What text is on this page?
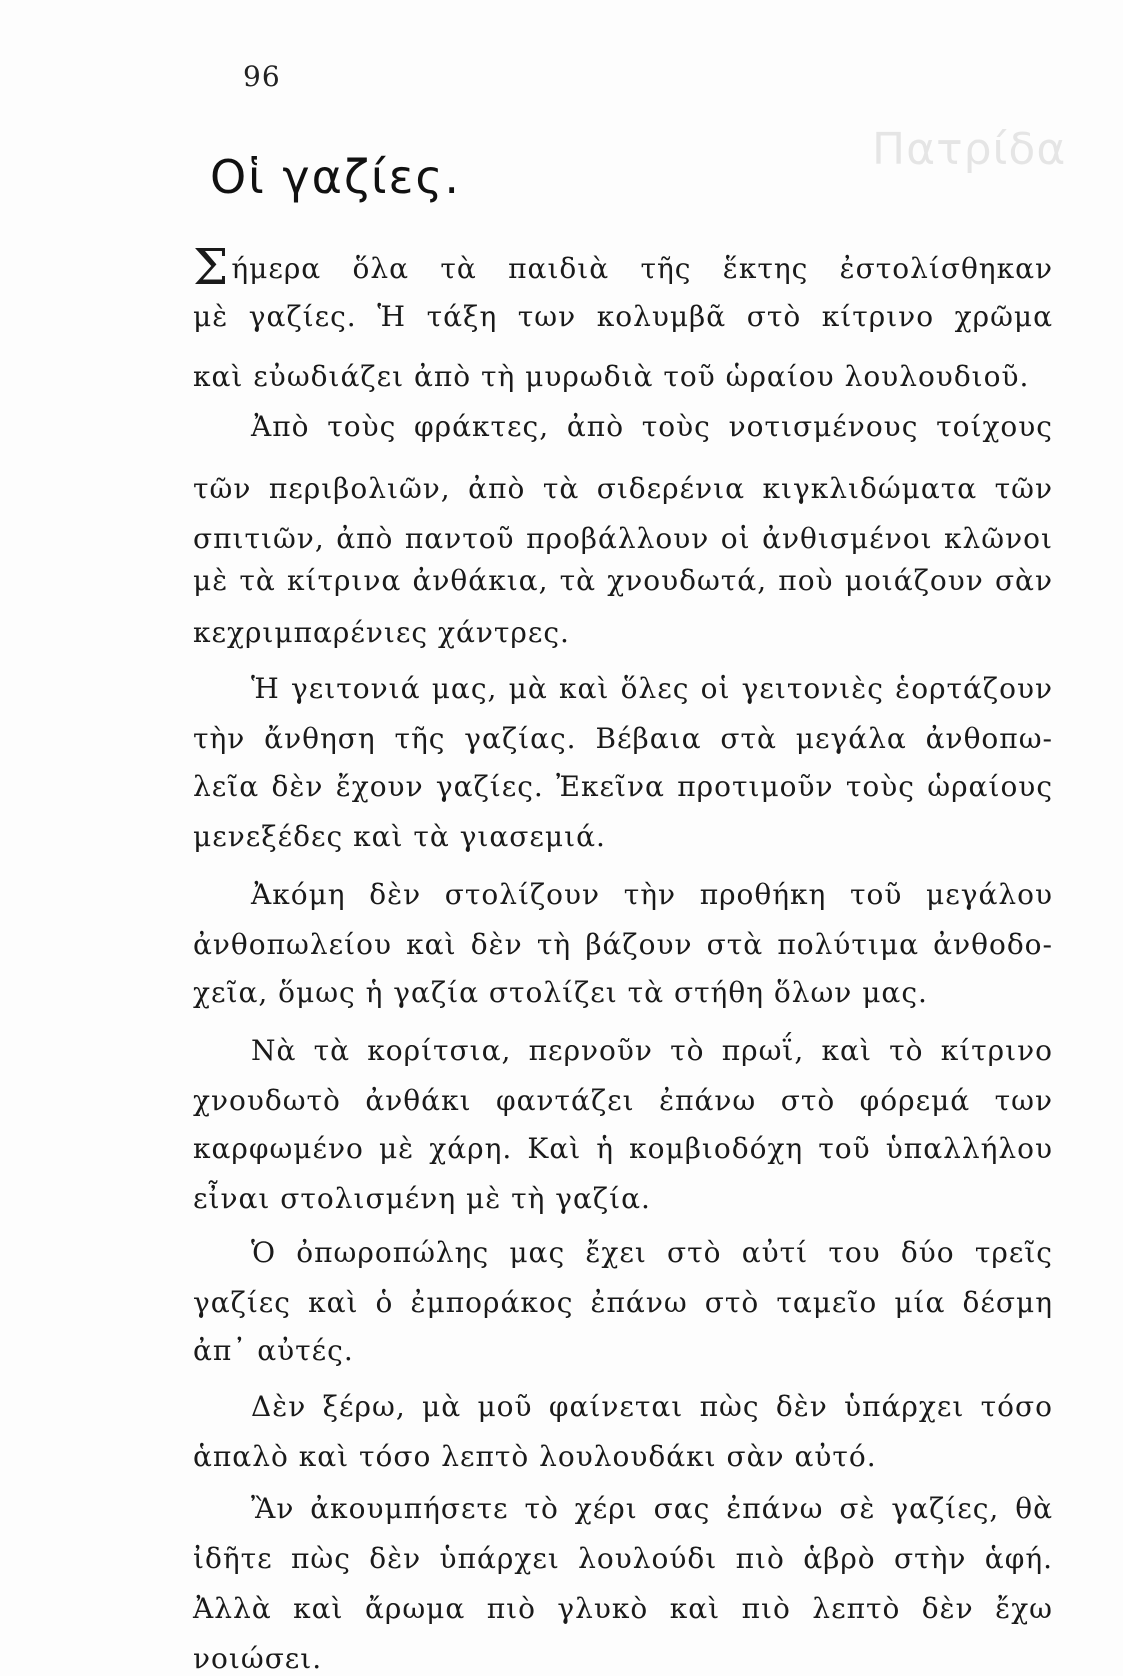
Πατρίδα
96
Οἱ γαζίες.
Σήμερα ὅλα τὰ παιδιὰ τῆς ἕκτης ἐστολίσθηκαν
μὲ γαζίες. Ἡ τάξη των κολυμβᾶ στὸ κίτρινο χρῶμα
καὶ εὐωδιάζει ἀπὸ τὴ μυρωδιὰ τοῦ ὡραίου λουλουδιοῦ.
Ἀπὸ τοὺς φράκτες, ἀπὸ τοὺς νοτισμένους τοίχους
τῶν περιβολιῶν, ἀπὸ τὰ σιδερένια κιγκλιδώματα τῶν
σπιτιῶν, ἀπὸ παντοῦ προβάλλουν οἱ ἀνθισμένοι κλῶνοι
μὲ τὰ κίτρινα ἀνθάκια, τὰ χνουδωτά, ποὺ μοιάζουν σὰν
κεχριμπαρένιες χάντρες.
Ἡ γειτονιά μας, μὰ καὶ ὅλες οἱ γειτονιὲς ἑορτάζουν
τὴν ἄνθηση τῆς γαζίας. Βέβαια στὰ μεγάλα ἀνθοπω-
λεῖα δὲν ἔχουν γαζίες. Ἐκεῖνα προτιμοῦν τοὺς ὡραίους
μενεξέδες καὶ τὰ γιασεμιά.
Ἀκόμη δὲν στολίζουν τὴν προθήκη τοῦ μεγάλου
ἀνθοπωλείου καὶ δὲν τὴ βάζουν στὰ πολύτιμα ἀνθοδο-
χεῖα, ὅμως ἡ γαζία στολίζει τὰ στήθη ὅλων μας.
Νὰ τὰ κορίτσια, περνοῦν τὸ πρωΐ, καὶ τὸ κίτρινο
χνουδωτὸ ἀνθάκι φαντάζει ἐπάνω στὸ φόρεμά των
καρφωμένο μὲ χάρη. Καὶ ἡ κομβιοδόχη τοῦ ὑπαλλήλου
εἶναι στολισμένη μὲ τὴ γαζία.
Ὁ ὀπωροπώλης μας ἔχει στὸ αὐτί του δύο τρεῖς
γαζίες καὶ ὁ ἐμποράκος ἐπάνω στὸ ταμεῖο μία δέσμη
ἀπ᾽ αὐτές.
Δὲν ξέρω, μὰ μοῦ φαίνεται πὼς δὲν ὑπάρχει τόσο
ἁπαλὸ καὶ τόσο λεπτὸ λουλουδάκι σὰν αὐτό.
Ἂν ἀκουμπήσετε τὸ χέρι σας ἐπάνω σὲ γαζίες, θὰ
ἰδῆτε πὼς δὲν ὑπάρχει λουλούδι πιὸ ἁβρὸ στὴν ἁφή.
Ἀλλὰ καὶ ἄρωμα πιὸ γλυκὸ καὶ πιὸ λεπτὸ δὲν ἔχω
νοιώσει.
